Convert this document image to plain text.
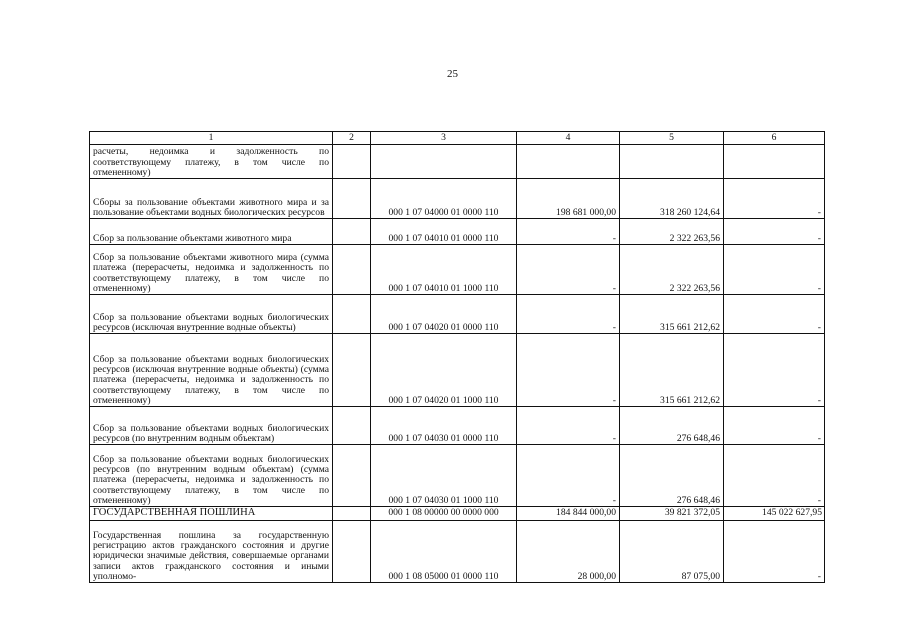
25
1	2	3	4	5	6
расчеты, недоимка и задолженность по соответствующему платежу, в том числе по отмененному)					
Сборы за пользование объектами животного мира и за пользование объектами водных биологических ресурсов		000 1 07 04000 01 0000 110	198 681 000,00	318 260 124,64	-
Сбор за пользование объектами животного мира		000 1 07 04010 01 0000 110	-	2 322 263,56	-
Сбор за пользование объектами животного мира (сумма платежа (перерасчеты, недоимка и задолженность по соответствующему платежу, в том числе по отмененному)		000 1 07 04010 01 1000 110	-	2 322 263,56	-
Сбор за пользование объектами водных биологических ресурсов (исключая внутренние водные объекты)		000 1 07 04020 01 0000 110	-	315 661 212,62	-
Сбор за пользование объектами водных биологических ресурсов (исключая внутренние водные объекты) (сумма платежа (перерасчеты, недоимка и задолженность по соответствующему платежу, в том числе по отмененному)		000 1 07 04020 01 1000 110	-	315 661 212,62	-
Сбор за пользование объектами водных биологических ресурсов (по внутренним водным объектам)		000 1 07 04030 01 0000 110	-	276 648,46	-
Сбор за пользование объектами водных биологических ресурсов (по внутренним водным объектам) (сумма платежа (перерасчеты, недоимка и задолженность по соответствующему платежу, в том числе по отмененному)		000 1 07 04030 01 1000 110	-	276 648,46	-
ГОСУДАРСТВЕННАЯ ПОШЛИНА		000 1 08 00000 00 0000 000	184 844 000,00	39 821 372,05	145 022 627,95
Государственная пошлина за государственную регистрацию актов гражданского состояния и другие юридически значимые действия, совершаемые органами записи актов гражданского состояния и иными уполномо-		000 1 08 05000 01 0000 110	28 000,00	87 075,00	-
